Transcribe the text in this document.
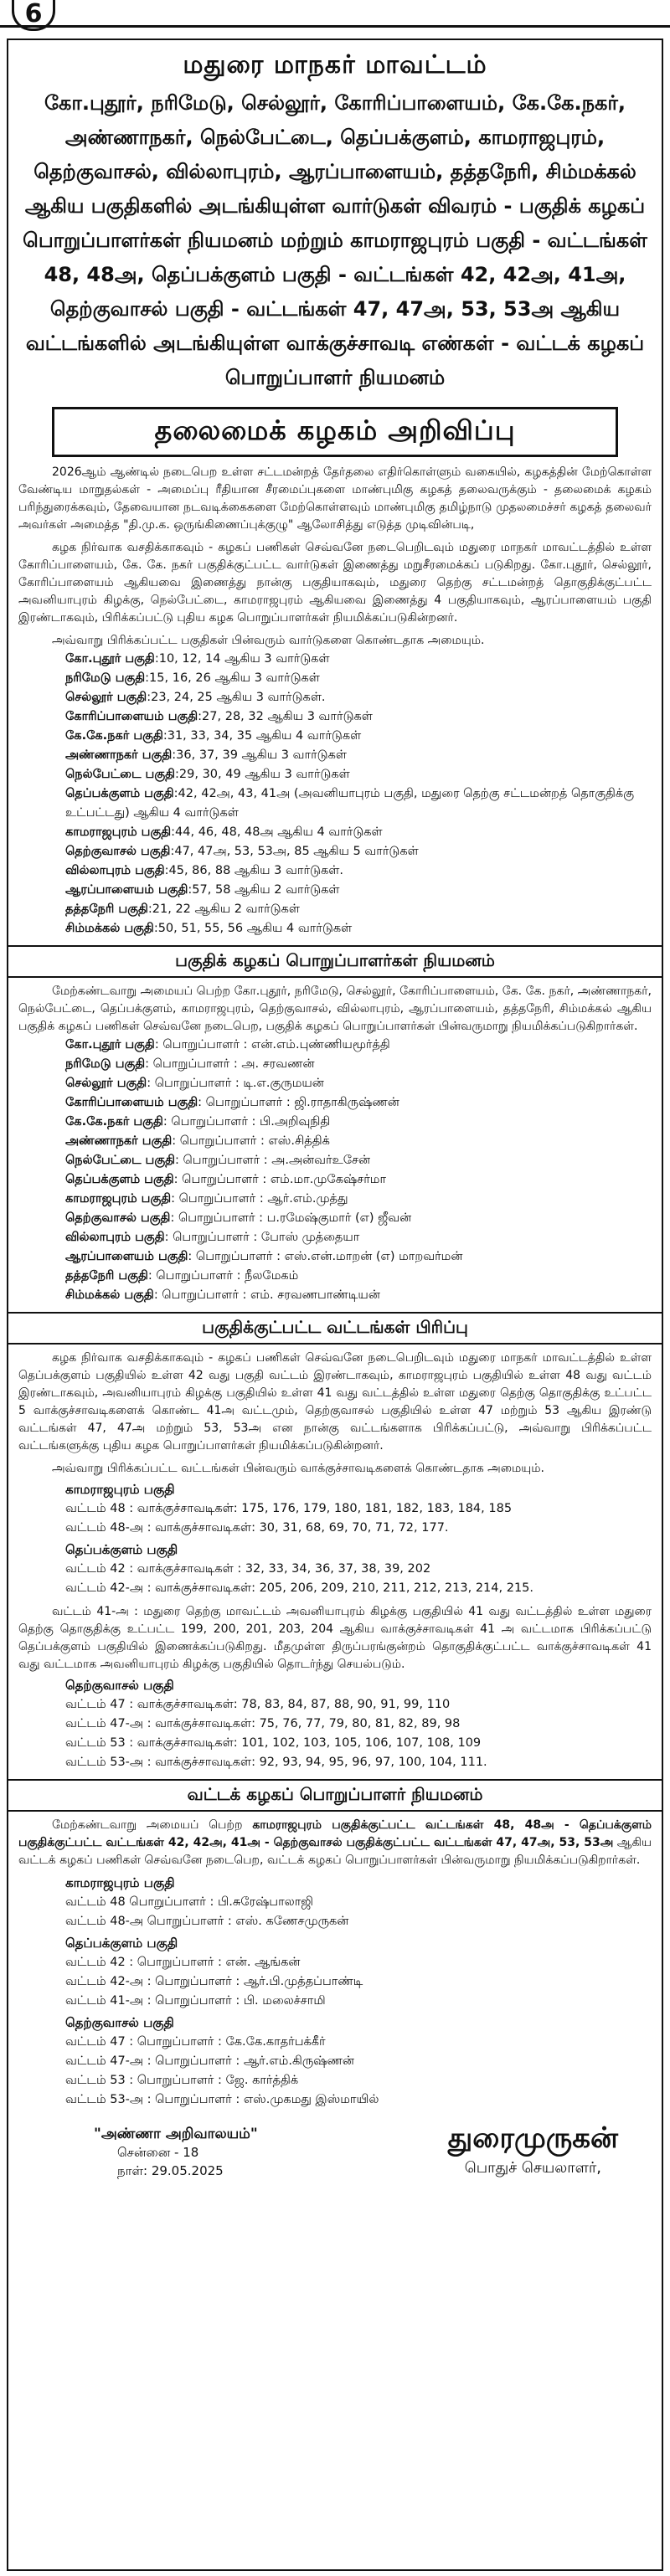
6
மதுரை மாநகர் மாவட்டம்
கோ.புதூர், நரிமேடு, செல்லூர், கோரிப்பாளையம், கே.கே.நகர், அண்ணாநகர், நெல்பேட்டை, தெப்பக்குளம், காமராஜபுரம், தெற்குவாசல், வில்லாபுரம், ஆரப்பாளையம், தத்தநேரி, சிம்மக்கல் ஆகிய பகுதிகளில் அடங்கியுள்ள வார்டுகள் விவரம் - பகுதிக் கழகப் பொறுப்பாளர்கள் நியமனம் மற்றும் காமராஜபுரம் பகுதி - வட்டங்கள் 48, 48அ, தெப்பக்குளம் பகுதி - வட்டங்கள் 42, 42அ, 41அ, தெற்குவாசல் பகுதி - வட்டங்கள் 47, 47அ, 53, 53அ ஆகிய வட்டங்களில் அடங்கியுள்ள வாக்குச்சாவடி எண்கள் - வட்டக் கழகப் பொறுப்பாளர் நியமனம்
தலைமைக் கழகம் அறிவிப்பு

2026ஆம் ஆண்டில் நடைபெற உள்ள சட்டமன்றத் தேர்தலை எதிர்கொள்ளும் வகையில், கழகத்தின் மேற்கொள்ள வேண்டிய மாறுதல்கள் - அமைப்பு ரீதியான சீரமைப்புகளை மாண்புமிகு கழகத் தலைவருக்கும் - தலைமைக் கழகம் பரிந்துரைக்கவும், தேவையான நடவடிக்கைகளை மேற்கொள்ளவும் மாண்புமிகு தமிழ்நாடு முதலமைச்சர் கழகத் தலைவர் அவர்கள் அமைத்த "தி.மு.க. ஒருங்கிணைப்புக்குழு" ஆலோசித்து எடுத்த முடிவின்படி,

கழக நிர்வாக வசதிக்காகவும் - கழகப் பணிகள் செவ்வனே நடைபெறிடவும் மதுரை மாநகர் மாவட்டத்தில் உள்ள கோரிப்பாளையம், கே. கே. நகர் பகுதிக்குட்பட்ட வார்டுகள் இணைத்து மறுசீரமைக்கப் படுகிறது. கோ.புதூர், செல்லூர், கோரிப்பாளையம் ஆகியவை இணைத்து நான்கு பகுதியாகவும், மதுரை தெற்கு சட்டமன்றத் தொகுதிக்குட்பட்ட அவனியாபுரம் கிழக்கு, நெல்பேட்டை, காமராஜபுரம் ஆகியவை இணைத்து 4 பகுதியாகவும், ஆரப்பாளையம் பகுதி இரண்டாகவும், பிரிக்கப்பட்டு புதிய கழக பொறுப்பாளர்கள் நியமிக்கப்படுகின்றனர்.

அவ்வாறு பிரிக்கப்பட்ட பகுதிகள் பின்வரும் வார்டுகளை கொண்டதாக அமையும்.

கோ.புதூர் பகுதி:10, 12, 14 ஆகிய 3 வார்டுகள்
நரிமேடு பகுதி:15, 16, 26 ஆகிய 3 வார்டுகள்
செல்லூர் பகுதி:23, 24, 25 ஆகிய 3 வார்டுகள்.
கோரிப்பாளையம் பகுதி:27, 28, 32 ஆகிய 3 வார்டுகள்
கே.கே.நகர் பகுதி:31, 33, 34, 35 ஆகிய 4 வார்டுகள்
அண்ணாநகர் பகுதி:36, 37, 39 ஆகிய 3 வார்டுகள்
நெல்பேட்டை பகுதி:29, 30, 49 ஆகிய 3 வார்டுகள்
தெப்பக்குளம் பகுதி:42, 42அ, 43, 41அ (அவனியாபுரம் பகுதி, மதுரை தெற்கு சட்டமன்றத் தொகுதிக்கு உட்பட்டது) ஆகிய 4 வார்டுகள்
காமராஜபுரம் பகுதி:44, 46, 48, 48அ ஆகிய 4 வார்டுகள்
தெற்குவாசல் பகுதி:47, 47அ, 53, 53அ, 85 ஆகிய 5 வார்டுகள்
வில்லாபுரம் பகுதி:45, 86, 88 ஆகிய 3 வார்டுகள்.
ஆரப்பாளையம் பகுதி:57, 58 ஆகிய 2 வார்டுகள்
தத்தநேரி பகுதி:21, 22 ஆகிய 2 வார்டுகள்
சிம்மக்கல் பகுதி:50, 51, 55, 56 ஆகிய 4 வார்டுகள்
பகுதிக் கழகப் பொறுப்பாளர்கள் நியமனம்

மேற்கண்டவாறு அமையப் பெற்ற கோ.புதூர், நரிமேடு, செல்லூர், கோரிப்பாளையம், கே. கே. நகர், அண்ணாநகர், நெல்பேட்டை, தெப்பக்குளம், காமராஜபுரம், தெற்குவாசல், வில்லாபுரம், ஆரப்பாளையம், தத்தநேரி, சிம்மக்கல் ஆகிய பகுதிக் கழகப் பணிகள் செவ்வனே நடைபெற, பகுதிக் கழகப் பொறுப்பாளர்கள் பின்வருமாறு நியமிக்கப்படுகிறார்கள்.

கோ.புதூர் பகுதி: பொறுப்பாளர் : என்.எம்.புண்ணியமூர்த்தி
நரிமேடு பகுதி: பொறுப்பாளர் : அ. சரவணன்
செல்லூர் பகுதி: பொறுப்பாளர் : டி.எ.குருமயன்
கோரிப்பாளையம் பகுதி: பொறுப்பாளர் : ஜி.ராதாகிருஷ்ணன்
கே.கே.நகர் பகுதி: பொறுப்பாளர் : பி.அறிவுநிதி
அண்ணாநகர் பகுதி: பொறுப்பாளர் : எஸ்.சித்திக்
நெல்பேட்டை பகுதி: பொறுப்பாளர் : அ.அன்வர்உசேன்
தெப்பக்குளம் பகுதி: பொறுப்பாளர் : எம்.மா.முகேஷ்சர்மா
காமராஜபுரம் பகுதி: பொறுப்பாளர் : ஆர்.எம்.முத்து
தெற்குவாசல் பகுதி: பொறுப்பாளர் : ப.ரமேஷ்குமார் (எ) ஜீவன்
வில்லாபுரம் பகுதி: பொறுப்பாளர் : போஸ் முத்தையா
ஆரப்பாளையம் பகுதி: பொறுப்பாளர் : எஸ்.என்.மாறன் (எ) மாறவர்மன்
தத்தநேரி பகுதி: பொறுப்பாளர் : நீலமேகம்
சிம்மக்கல் பகுதி: பொறுப்பாளர் : எம். சரவணபாண்டியன்
பகுதிக்குட்பட்ட வட்டங்கள் பிரிப்பு

கழக நிர்வாக வசதிக்காகவும் - கழகப் பணிகள் செவ்வனே நடைபெறிடவும் மதுரை மாநகர் மாவட்டத்தில் உள்ள தெப்பக்குளம் பகுதியில் உள்ள 42 வது பகுதி வட்டம் இரண்டாகவும், காமராஜபுரம் பகுதியில் உள்ள 48 வது வட்டம் இரண்டாகவும், அவனியாபுரம் கிழக்கு பகுதியில் உள்ள 41 வது வட்டத்தில் உள்ள மதுரை தெற்கு தொகுதிக்கு உட்பட்ட 5 வாக்குச்சாவடிகளைக் கொண்ட 41அ வட்டமும், தெற்குவாசல் பகுதியில் உள்ள 47 மற்றும் 53 ஆகிய இரண்டு வட்டங்கள் 47, 47அ மற்றும் 53, 53அ என நான்கு வட்டங்களாக பிரிக்கப்பட்டு, அவ்வாறு பிரிக்கப்பட்ட வட்டங்களுக்கு புதிய கழக பொறுப்பாளர்கள் நியமிக்கப்படுகின்றனர்.

அவ்வாறு பிரிக்கப்பட்ட வட்டங்கள் பின்வரும் வாக்குச்சாவடிகளைக் கொண்டதாக அமையும்.

காமராஜபுரம் பகுதி
வட்டம் 48 : வாக்குச்சாவடிகள்: 175, 176, 179, 180, 181, 182, 183, 184, 185
வட்டம் 48-அ : வாக்குச்சாவடிகள்: 30, 31, 68, 69, 70, 71, 72, 177.
தெப்பக்குளம் பகுதி
வட்டம் 42 : வாக்குச்சாவடிகள் : 32, 33, 34, 36, 37, 38, 39, 202
வட்டம் 42-அ : வாக்குச்சாவடிகள்: 205, 206, 209, 210, 211, 212, 213, 214, 215.

வட்டம் 41-அ : மதுரை தெற்கு மாவட்டம் அவனியாபுரம் கிழக்கு பகுதியில் 41 வது வட்டத்தில் உள்ள மதுரை தெற்கு தொகுதிக்கு உட்பட்ட 199, 200, 201, 203, 204 ஆகிய வாக்குச்சாவடிகள் 41 அ வட்டமாக பிரிக்கப்பட்டு தெப்பக்குளம் பகுதியில் இணைக்கப்படுகிறது. மீதமுள்ள திருப்பரங்குன்றம் தொகுதிக்குட்பட்ட வாக்குச்சாவடிகள் 41 வது வட்டமாக அவனியாபுரம் கிழக்கு பகுதியில் தொடர்ந்து செயல்படும்.

தெற்குவாசல் பகுதி
வட்டம் 47 : வாக்குச்சாவடிகள்: 78, 83, 84, 87, 88, 90, 91, 99, 110
வட்டம் 47-அ : வாக்குச்சாவடிகள்: 75, 76, 77, 79, 80, 81, 82, 89, 98
வட்டம் 53 : வாக்குச்சாவடிகள்: 101, 102, 103, 105, 106, 107, 108, 109
வட்டம் 53-அ : வாக்குச்சாவடிகள்: 92, 93, 94, 95, 96, 97, 100, 104, 111.
வட்டக் கழகப் பொறுப்பாளர் நியமனம்

மேற்கண்டவாறு அமையப் பெற்ற காமராஜபுரம் பகுதிக்குட்பட்ட வட்டங்கள் 48, 48அ - தெப்பக்குளம் பகுதிக்குட்பட்ட வட்டங்கள் 42, 42அ, 41அ - தெற்குவாசல் பகுதிக்குட்பட்ட வட்டங்கள் 47, 47அ, 53, 53அ ஆகிய வட்டக் கழகப் பணிகள் செவ்வனே நடைபெற, வட்டக் கழகப் பொறுப்பாளர்கள் பின்வருமாறு நியமிக்கப்படுகிறார்கள்.

காமராஜபுரம் பகுதி
வட்டம் 48 பொறுப்பாளர் : பி.சுரேஷ்பாலாஜி
வட்டம் 48-அ பொறுப்பாளர் : எஸ். கணேசமுருகன்
தெப்பக்குளம் பகுதி
வட்டம் 42 : பொறுப்பாளர் : என். ஆங்கன்
வட்டம் 42-அ : பொறுப்பாளர் : ஆர்.பி.முத்தப்பாண்டி
வட்டம் 41-அ : பொறுப்பாளர் : பி. மலைச்சாமி
தெற்குவாசல் பகுதி
வட்டம் 47 : பொறுப்பாளர் : கே.கே.காதர்பக்கீர்
வட்டம் 47-அ : பொறுப்பாளர் : ஆர்.எம்.கிருஷ்ணன்
வட்டம் 53 : பொறுப்பாளர் : ஜே. கார்த்திக்
வட்டம் 53-அ : பொறுப்பாளர் : எஸ்.முகமது இஸ்மாயில்
"அண்ணா அறிவாலயம்"
சென்னை - 18
நாள்: 29.05.2025
துரைமுருகன்
பொதுச் செயலாளர்,
